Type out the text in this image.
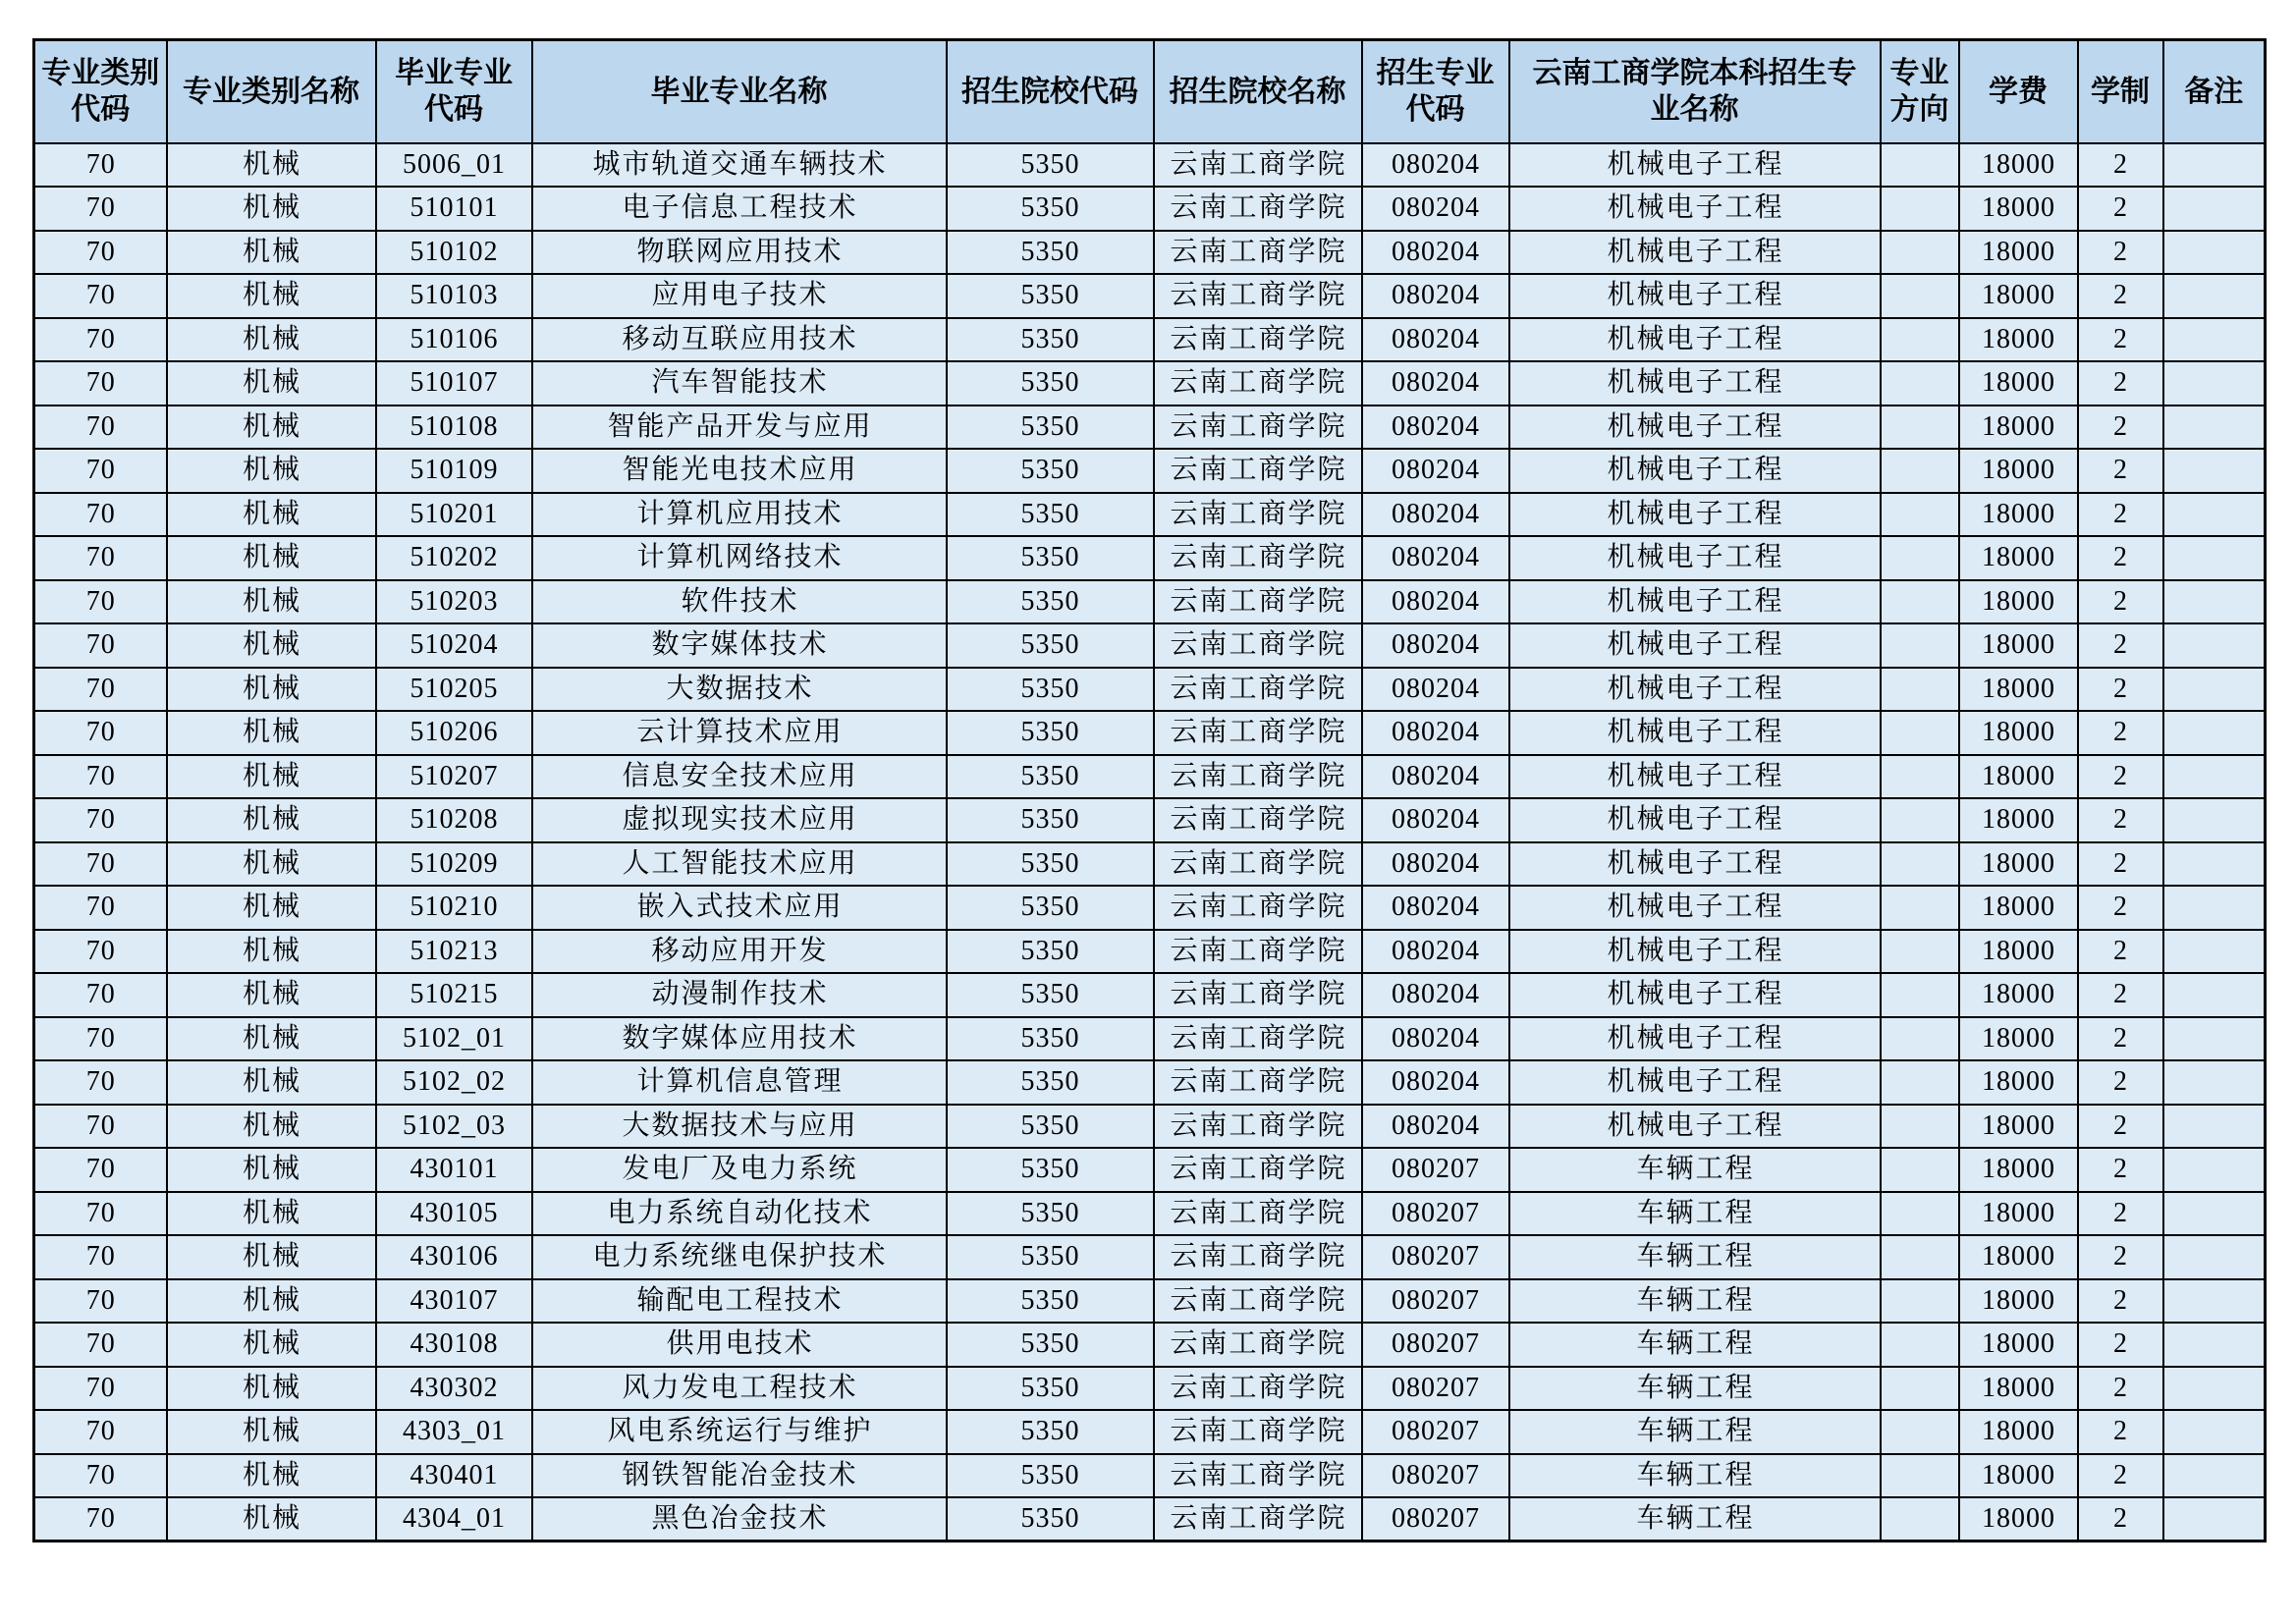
专业类别代码	专业类别名称	毕业专业代码	毕业专业名称	招生院校代码	招生院校名称	招生专业代码	云南工商学院本科招生专业名称	专业方向	学费	学制	备注
70	机械	5006_01	城市轨道交通车辆技术	5350	云南工商学院	080204	机械电子工程		18000	2	
70	机械	510101	电子信息工程技术	5350	云南工商学院	080204	机械电子工程		18000	2	
70	机械	510102	物联网应用技术	5350	云南工商学院	080204	机械电子工程		18000	2	
70	机械	510103	应用电子技术	5350	云南工商学院	080204	机械电子工程		18000	2	
70	机械	510106	移动互联应用技术	5350	云南工商学院	080204	机械电子工程		18000	2	
70	机械	510107	汽车智能技术	5350	云南工商学院	080204	机械电子工程		18000	2	
70	机械	510108	智能产品开发与应用	5350	云南工商学院	080204	机械电子工程		18000	2	
70	机械	510109	智能光电技术应用	5350	云南工商学院	080204	机械电子工程		18000	2	
70	机械	510201	计算机应用技术	5350	云南工商学院	080204	机械电子工程		18000	2	
70	机械	510202	计算机网络技术	5350	云南工商学院	080204	机械电子工程		18000	2	
70	机械	510203	软件技术	5350	云南工商学院	080204	机械电子工程		18000	2	
70	机械	510204	数字媒体技术	5350	云南工商学院	080204	机械电子工程		18000	2	
70	机械	510205	大数据技术	5350	云南工商学院	080204	机械电子工程		18000	2	
70	机械	510206	云计算技术应用	5350	云南工商学院	080204	机械电子工程		18000	2	
70	机械	510207	信息安全技术应用	5350	云南工商学院	080204	机械电子工程		18000	2	
70	机械	510208	虚拟现实技术应用	5350	云南工商学院	080204	机械电子工程		18000	2	
70	机械	510209	人工智能技术应用	5350	云南工商学院	080204	机械电子工程		18000	2	
70	机械	510210	嵌入式技术应用	5350	云南工商学院	080204	机械电子工程		18000	2	
70	机械	510213	移动应用开发	5350	云南工商学院	080204	机械电子工程		18000	2	
70	机械	510215	动漫制作技术	5350	云南工商学院	080204	机械电子工程		18000	2	
70	机械	5102_01	数字媒体应用技术	5350	云南工商学院	080204	机械电子工程		18000	2	
70	机械	5102_02	计算机信息管理	5350	云南工商学院	080204	机械电子工程		18000	2	
70	机械	5102_03	大数据技术与应用	5350	云南工商学院	080204	机械电子工程		18000	2	
70	机械	430101	发电厂及电力系统	5350	云南工商学院	080207	车辆工程		18000	2	
70	机械	430105	电力系统自动化技术	5350	云南工商学院	080207	车辆工程		18000	2	
70	机械	430106	电力系统继电保护技术	5350	云南工商学院	080207	车辆工程		18000	2	
70	机械	430107	输配电工程技术	5350	云南工商学院	080207	车辆工程		18000	2	
70	机械	430108	供用电技术	5350	云南工商学院	080207	车辆工程		18000	2	
70	机械	430302	风力发电工程技术	5350	云南工商学院	080207	车辆工程		18000	2	
70	机械	4303_01	风电系统运行与维护	5350	云南工商学院	080207	车辆工程		18000	2	
70	机械	430401	钢铁智能冶金技术	5350	云南工商学院	080207	车辆工程		18000	2	
70	机械	4304_01	黑色冶金技术	5350	云南工商学院	080207	车辆工程		18000	2	
